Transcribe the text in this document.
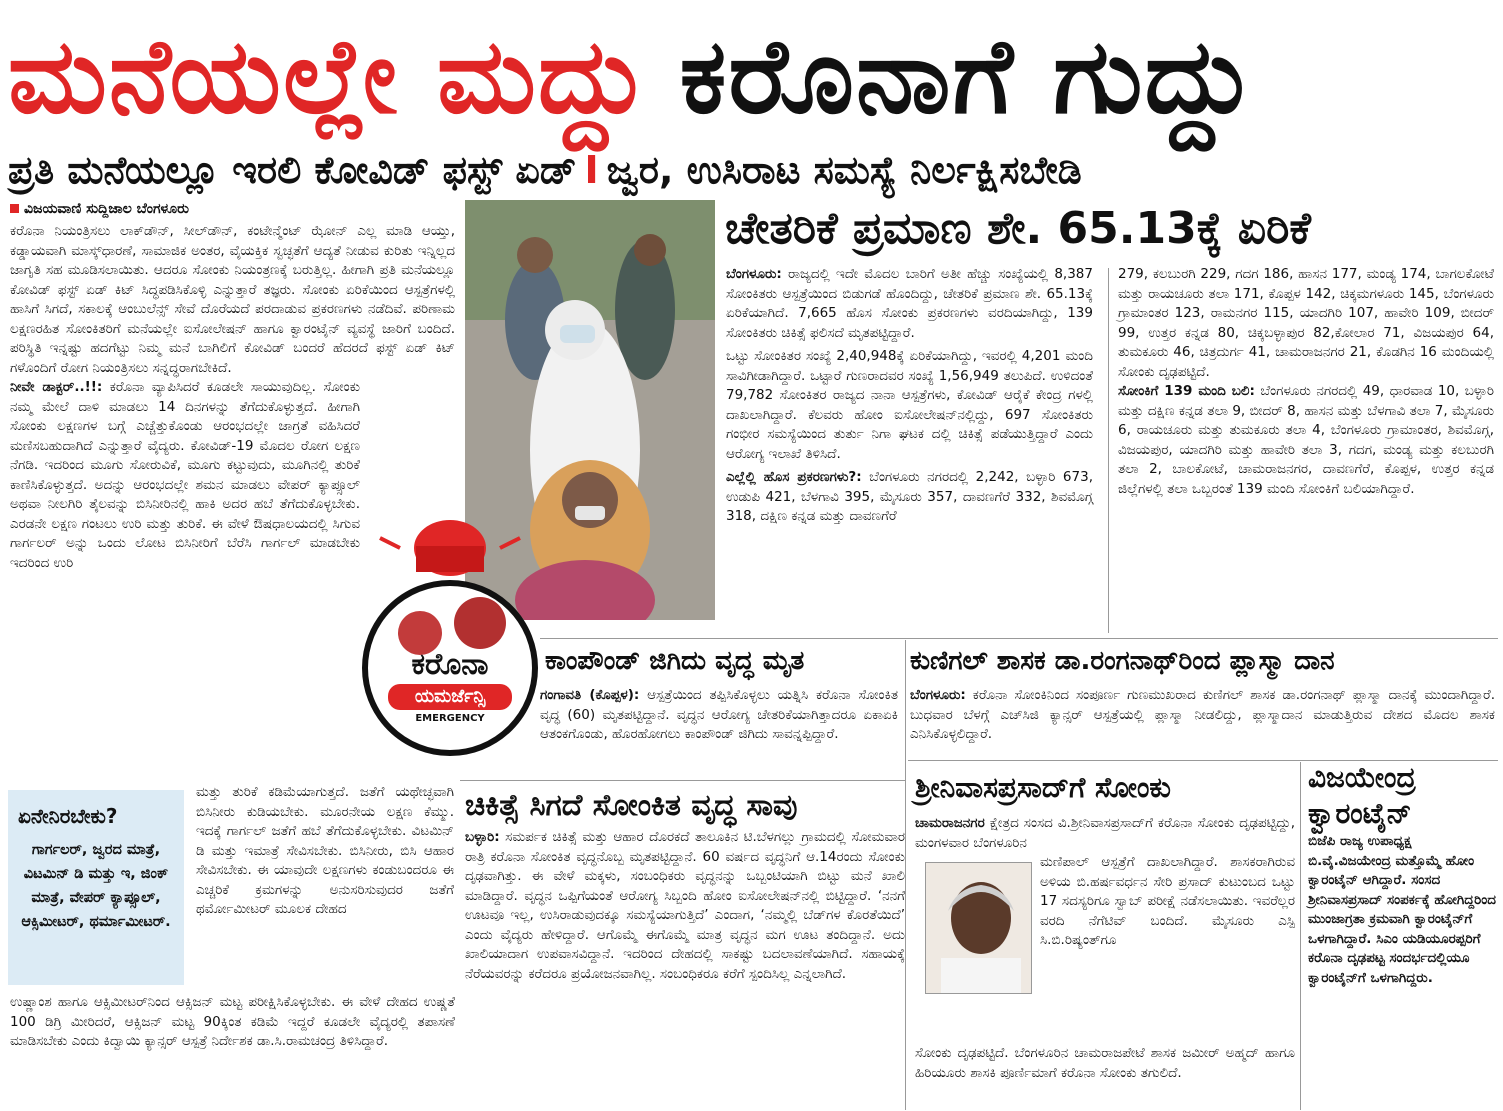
ಮನೆಯಲ್ಲೇ ಮದ್ದು ಕರೊನಾಗೆ ಗುದ್ದು
ಪ್ರತಿ ಮನೆಯಲ್ಲೂ ಇರಲಿ ಕೋವಿಡ್ ಫಸ್ಟ್ ಏಡ್ I ಜ್ವರ, ಉಸಿರಾಟ ಸಮಸ್ಯೆ ನಿರ್ಲಕ್ಷಿಸಬೇಡಿ
ವಿಜಯವಾಣಿ ಸುದ್ದಿಜಾಲ ಬೆಂಗಳೂರು

ಕರೊನಾ ನಿಯಂತ್ರಿಸಲು ಲಾಕ್‌ಡೌನ್, ಸೀಲ್‌ಡೌನ್, ಕಂಟೇನ್ಮೆಂಟ್ ಝೋನ್ ಎಲ್ಲ ಮಾಡಿ ಆಯ್ತು, ಕಡ್ಡಾಯವಾಗಿ ಮಾಸ್ಕ್‌ಧಾರಣೆ, ಸಾಮಾಜಿಕ ಅಂತರ, ವೈಯಕ್ತಿಕ ಸ್ವಚ್ಛತೆಗೆ ಆದ್ಯತೆ ನೀಡುವ ಕುರಿತು ಇನ್ನಿಲ್ಲದ ಜಾಗೃತಿ ಸಹ ಮೂಡಿಸಲಾಯಿತು. ಆದರೂ ಸೋಂಕು ನಿಯಂತ್ರಣಕ್ಕೆ ಬರುತ್ತಿಲ್ಲ. ಹೀಗಾಗಿ ಪ್ರತಿ ಮನೆಯಲ್ಲೂ ಕೋವಿಡ್ ಫಸ್ಟ್ ಏಡ್ ಕಿಟ್ ಸಿದ್ಧಪಡಿಸಿಕೊಳ್ಳಿ ಎನ್ನುತ್ತಾರೆ ತಜ್ಞರು. ಸೋಂಕು ಏರಿಕೆಯಿಂದ ಆಸ್ಪತ್ರೆಗಳಲ್ಲಿ ಹಾಸಿಗೆ ಸಿಗದೆ, ಸಕಾಲಕ್ಕೆ ಆಂಬುಲೆನ್ಸ್ ಸೇವೆ ದೊರೆಯದೆ ಪರದಾಡುವ ಪ್ರಕರಣಗಳು ನಡೆದಿವೆ. ಪರಿಣಾಮ ಲಕ್ಷಣರಹಿತ ಸೋಂಕಿತರಿಗೆ ಮನೆಯಲ್ಲೇ ಐಸೋಲೇಷನ್ ಹಾಗೂ ಕ್ವಾರಂಟೈನ್ ವ್ಯವಸ್ಥೆ ಜಾರಿಗೆ ಬಂದಿದೆ. ಪರಿಸ್ಥಿತಿ ಇನ್ನಷ್ಟು ಹದಗೆಟ್ಟು ನಿಮ್ಮ ಮನೆ ಬಾಗಿಲಿಗೆ ಕೋವಿಡ್ ಬಂದರೆ ಹೆದರದೆ ಫಸ್ಟ್ ಏಡ್ ಕಿಟ್ ಗಳೊಂದಿಗೆ ರೋಗ ನಿಯಂತ್ರಿಸಲು ಸನ್ನದ್ಧರಾಗಬೇಕಿದೆ.

ನೀವೇ ಡಾಕ್ಟರ್..!!: ಕರೊನಾ ವ್ಯಾಪಿಸಿದರೆ ಕೂಡಲೇ ಸಾಯುವುದಿಲ್ಲ. ಸೋಂಕು ನಮ್ಮ ಮೇಲೆ ದಾಳಿ ಮಾಡಲು 14 ದಿನಗಳನ್ನು ತೆಗೆದುಕೊಳ್ಳುತ್ತದೆ. ಹೀಗಾಗಿ ಸೋಂಕು ಲಕ್ಷಣಗಳ ಬಗ್ಗೆ ಎಚ್ಚೆತ್ತುಕೊಂಡು ಆರಂಭದಲ್ಲೇ ಜಾಗ್ರತೆ ವಹಿಸಿದರೆ ಮಣಿಸಬಹುದಾಗಿದೆ ಎನ್ನುತ್ತಾರೆ ವೈದ್ಯರು. ಕೋವಿಡ್-19 ಮೊದಲ ರೋಗ ಲಕ್ಷಣ ನೆಗಡಿ. ಇದರಿಂದ ಮೂಗು ಸೋರುವಿಕೆ, ಮೂಗು ಕಟ್ಟುವುದು, ಮೂಗಿನಲ್ಲಿ ತುರಿಕೆ ಕಾಣಿಸಿಕೊಳ್ಳುತ್ತದೆ. ಅದನ್ನು ಆರಂಭದಲ್ಲೇ ಶಮನ ಮಾಡಲು ವೇಪರ್ ಕ್ಯಾಪ್ಸೂಲ್ ಅಥವಾ ನೀಲಗಿರಿ ತೈಲವನ್ನು ಬಿಸಿನೀರಿನಲ್ಲಿ ಹಾಕಿ ಅದರ ಹಬೆ ತೆಗೆದುಕೊಳ್ಳಬೇಕು. ಎರಡನೇ ಲಕ್ಷಣ ಗಂಟಲು ಉರಿ ಮತ್ತು ತುರಿಕೆ. ಈ ವೇಳೆ ಔಷಧಾಲಯದಲ್ಲಿ ಸಿಗುವ ಗಾರ್ಗಲರ್ ಅನ್ನು ಒಂದು ಲೋಟ ಬಿಸಿನೀರಿಗೆ ಬೆರೆಸಿ ಗಾರ್ಗಲ್ ಮಾಡಬೇಕು ಇದರಿಂದ ಉರಿ

ಏನೇನಿರಬೇಕು?
ಗಾರ್ಗಲರ್, ಜ್ವರದ ಮಾತ್ರೆ, ವಿಟಮಿನ್ ಡಿ ಮತ್ತು ಇ, ಜಿಂಕ್ ಮಾತ್ರೆ, ವೇಪರ್ ಕ್ಯಾಪ್ಸೂಲ್, ಆಕ್ಸಿಮೀಟರ್, ಥರ್ಮಾಮೀಟರ್.

ಮತ್ತು ತುರಿಕೆ ಕಡಿಮೆಯಾಗುತ್ತದೆ. ಜತೆಗೆ ಯಥೇಚ್ಛವಾಗಿ ಬಿಸಿನೀರು ಕುಡಿಯಬೇಕು. ಮೂರನೇಯ ಲಕ್ಷಣ ಕೆಮ್ಮು. ಇದಕ್ಕೆ ಗಾರ್ಗಲ್ ಜತೆಗೆ ಹಬೆ ತೆಗೆದುಕೊಳ್ಳಬೇಕು. ವಿಟಮಿನ್ ಡಿ ಮತ್ತು ಇಮಾತ್ರೆ ಸೇವಿಸಬೇಕು. ಬಿಸಿನೀರು, ಬಿಸಿ ಆಹಾರ ಸೇವಿಸಬೇಕು. ಈ ಯಾವುದೇ ಲಕ್ಷಣಗಳು ಕಂಡುಬಂದರೂ ಈ ಎಚ್ಚರಿಕೆ ಕ್ರಮಗಳನ್ನು ಅನುಸರಿಸುವುದರ ಜತೆಗೆ ಥರ್ಮೋಮೀಟರ್ ಮೂಲಕ ದೇಹದ

ಉಷ್ಣಾಂಶ ಹಾಗೂ ಆಕ್ಸಿಮೀಟರ್‌ನಿಂದ ಆಕ್ಸಿಜನ್ ಮಟ್ಟ ಪರೀಕ್ಷಿಸಿಕೊಳ್ಳಬೇಕು. ಈ ವೇಳೆ ದೇಹದ ಉಷ್ಣತೆ 100 ಡಿಗ್ರಿ ಮೀರಿದರೆ, ಆಕ್ಸಿಜನ್ ಮಟ್ಟ 90ಕ್ಕಿಂತ ಕಡಿಮೆ ಇದ್ದರೆ ಕೂಡಲೇ ವೈದ್ಯರಲ್ಲಿ ತಪಾಸಣೆ ಮಾಡಿಸಬೇಕು ಎಂದು ಕಿದ್ವಾಯಿ ಕ್ಯಾನ್ಸರ್ ಆಸ್ಪತ್ರೆ ನಿರ್ದೇಶಕ ಡಾ.ಸಿ.ರಾಮಚಂದ್ರ ತಿಳಿಸಿದ್ದಾರೆ.

ಕರೊನಾ
ಯಮರ್ಜೆನ್ಸಿ
EMERGENCY
ಚೇತರಿಕೆ ಪ್ರಮಾಣ ಶೇ. 65.13ಕ್ಕೆ ಏರಿಕೆ

ಬೆಂಗಳೂರು: ರಾಜ್ಯದಲ್ಲಿ ಇದೇ ಮೊದಲ ಬಾರಿಗೆ ಅತೀ ಹೆಚ್ಚು ಸಂಖ್ಯೆಯಲ್ಲಿ 8,387 ಸೋಂಕಿತರು ಆಸ್ಪತ್ರೆಯಿಂದ ಬಿಡುಗಡೆ ಹೊಂದಿದ್ದು, ಚೇತರಿಕೆ ಪ್ರಮಾಣ ಶೇ. 65.13ಕ್ಕೆ ಏರಿಕೆಯಾಗಿದೆ. 7,665 ಹೊಸ ಸೋಂಕು ಪ್ರಕರಣಗಳು ವರದಿಯಾಗಿದ್ದು, 139 ಸೋಂಕಿತರು ಚಿಕಿತ್ಸೆ ಫಲಿಸದೆ ಮೃತಪಟ್ಟಿದ್ದಾರೆ.

ಒಟ್ಟು ಸೋಂಕಿತರ ಸಂಖ್ಯೆ 2,40,948ಕ್ಕೆ ಏರಿಕೆಯಾಗಿದ್ದು, ಇವರಲ್ಲಿ 4,201 ಮಂದಿ ಸಾವಿಗೀಡಾಗಿದ್ದಾರೆ. ಒಟ್ಟಾರೆ ಗುಣರಾದವರ ಸಂಖ್ಯೆ 1,56,949 ತಲುಪಿದೆ. ಉಳಿದಂತೆ 79,782 ಸೋಂಕಿತರ ರಾಜ್ಯದ ನಾನಾ ಆಸ್ಪತ್ರೆಗಳು, ಕೋವಿಡ್ ಆರೈಕೆ ಕೇಂದ್ರ ಗಳಲ್ಲಿ ದಾಖಲಾಗಿದ್ದಾರೆ. ಕೆಲವರು ಹೋಂ ಐಸೋಲೇಷನ್‌ನಲ್ಲಿದ್ದು, 697 ಸೋಂಕಿತರು ಗಂಭೀರ ಸಮಸ್ಯೆಯಿಂದ ತುರ್ತು ನಿಗಾ ಘಟಕ ದಲ್ಲಿ ಚಿಕಿತ್ಸೆ ಪಡೆಯುತ್ತಿದ್ದಾರೆ ಎಂದು ಆರೋಗ್ಯ ಇಲಾಖೆ ತಿಳಿಸಿದೆ.

ಎಲ್ಲೆಲ್ಲಿ ಹೊಸ ಪ್ರಕರಣಗಳು?: ಬೆಂಗಳೂರು ನಗರದಲ್ಲಿ 2,242, ಬಳ್ಳಾರಿ 673, ಉಡುಪಿ 421, ಬೆಳಗಾವಿ 395, ಮೈಸೂರು 357, ದಾವಣಗೆರೆ 332, ಶಿವಮೊಗ್ಗ 318, ದಕ್ಷಿಣ ಕನ್ನಡ ಮತ್ತು ದಾವಣಗೆರೆ

279, ಕಲಬುರಗಿ 229, ಗದಗ 186, ಹಾಸನ 177, ಮಂಡ್ಯ 174, ಬಾಗಲಕೋಟೆ ಮತ್ತು ರಾಯಚೂರು ತಲಾ 171, ಕೊಪ್ಪಳ 142, ಚಿಕ್ಕಮಗಳೂರು 145, ಬೆಂಗಳೂರು ಗ್ರಾಮಾಂತರ 123, ರಾಮನಗರ 115, ಯಾದಗಿರಿ 107, ಹಾವೇರಿ 109, ಬೀದರ್ 99, ಉತ್ತರ ಕನ್ನಡ 80, ಚಿಕ್ಕಬಳ್ಳಾಪುರ 82,ಕೋಲಾರ 71, ವಿಜಯಪುರ 64, ತುಮಕೂರು 46, ಚಿತ್ರದುರ್ಗ 41, ಚಾಮರಾಜನಗರ 21, ಕೊಡಗಿನ 16 ಮಂದಿಯಲ್ಲಿ ಸೋಂಕು ದೃಢಪಟ್ಟಿದೆ.

ಸೋಂಕಿಗೆ 139 ಮಂದಿ ಬಲಿ: ಬೆಂಗಳೂರು ನಗರದಲ್ಲಿ 49, ಧಾರವಾಡ 10, ಬಳ್ಳಾರಿ ಮತ್ತು ದಕ್ಷಿಣ ಕನ್ನಡ ತಲಾ 9, ಬೀದರ್ 8, ಹಾಸನ ಮತ್ತು ಬೆಳಗಾವಿ ತಲಾ 7, ಮೈಸೂರು 6, ರಾಯಚೂರು ಮತ್ತು ತುಮಕೂರು ತಲಾ 4, ಬೆಂಗಳೂರು ಗ್ರಾಮಾಂತರ, ಶಿವಮೊಗ್ಗ, ವಿಜಯಪುರ, ಯಾದಗಿರಿ ಮತ್ತು ಹಾವೇರಿ ತಲಾ 3, ಗದಗ, ಮಂಡ್ಯ ಮತ್ತು ಕಲಬುರಗಿ ತಲಾ 2, ಬಾಲಕೋಟೆ, ಚಾಮರಾಜನಗರ, ದಾವಣಗೆರೆ, ಕೊಪ್ಪಳ, ಉತ್ತರ ಕನ್ನಡ ಜಿಲ್ಲೆಗಳಲ್ಲಿ ತಲಾ ಒಬ್ಬರಂತೆ 139 ಮಂದಿ ಸೋಂಕಿಗೆ ಬಲಿಯಾಗಿದ್ದಾರೆ.

ಕಾಂಪೌಂಡ್ ಜಿಗಿದು ವೃದ್ಧ ಮೃತ

ಗಂಗಾವತಿ (ಕೊಪ್ಪಳ): ಆಸ್ಪತ್ರೆಯಿಂದ ತಪ್ಪಿಸಿಕೊಳ್ಳಲು ಯತ್ನಿಸಿ ಕರೊನಾ ಸೋಂಕಿತ ವೃದ್ಧ (60) ಮೃತಪಟ್ಟಿದ್ದಾನೆ. ವೃದ್ಧನ ಆರೋಗ್ಯ ಚೇತರಿಕೆಯಾಗಿತ್ತಾದರೂ ಏಕಾಏಕಿ ಆತಂಕಗೊಂಡು, ಹೊರಹೋಗಲು ಕಾಂಪೌಂಡ್ ಜಿಗಿದು ಸಾವನ್ನಪ್ಪಿದ್ದಾರೆ.

ಕುಣಿಗಲ್ ಶಾಸಕ ಡಾ.ರಂಗನಾಥ್‌ರಿಂದ ಪ್ಲಾಸ್ಮಾ ದಾನ

ಬೆಂಗಳೂರು: ಕರೊನಾ ಸೋಂಕಿನಿಂದ ಸಂಪೂರ್ಣ ಗುಣಮುಖರಾದ ಕುಣಿಗಲ್ ಶಾಸಕ ಡಾ.ರಂಗನಾಥ್ ಪ್ಲಾಸ್ಮಾ ದಾನಕ್ಕೆ ಮುಂದಾಗಿದ್ದಾರೆ. ಬುಧವಾರ ಬೆಳಗ್ಗೆ ಎಚ್‌ಸಿಜಿ ಕ್ಯಾನ್ಸರ್ ಆಸ್ಪತ್ರೆಯಲ್ಲಿ ಪ್ಲಾಸ್ಮಾ ನೀಡಲಿದ್ದು, ಪ್ಲಾಸ್ಮಾದಾನ ಮಾಡುತ್ತಿರುವ ದೇಶದ ಮೊದಲ ಶಾಸಕ ಎನಿಸಿಕೊಳ್ಳಲಿದ್ದಾರೆ.

ಚಿಕಿತ್ಸೆ ಸಿಗದೆ ಸೋಂಕಿತ ವೃದ್ಧ ಸಾವು

ಬಳ್ಳಾರಿ: ಸಮರ್ಪಕ ಚಿಕಿತ್ಸೆ ಮತ್ತು ಆಹಾರ ದೊರಕದೆ ತಾಲೂಕಿನ ಟಿ.ಬೆಳಗಲ್ಲು ಗ್ರಾಮದಲ್ಲಿ ಸೋಮವಾರ ರಾತ್ರಿ ಕರೊನಾ ಸೋಂಕಿತ ವೃದ್ಧನೊಬ್ಬ ಮೃತಪಟ್ಟಿದ್ದಾನೆ. 60 ವರ್ಷದ ವೃದ್ಧನಿಗೆ ಆ.14ರಂದು ಸೋಂಕು ದೃಢವಾಗಿತ್ತು. ಈ ವೇಳೆ ಮಕ್ಕಳು, ಸಂಬಂಧಿಕರು ವೃದ್ಧನನ್ನು ಒಬ್ಬಂಟಿಯಾಗಿ ಬಿಟ್ಟು ಮನೆ ಖಾಲಿ ಮಾಡಿದ್ದಾರೆ. ವೃದ್ಧನ ಒಪ್ಪಿಗೆಯಂತೆ ಆರೋಗ್ಯ ಸಿಬ್ಬಂದಿ ಹೋಂ ಐಸೋಲೇಷನ್‌ನಲ್ಲಿ ಬಿಟ್ಟಿದ್ದಾರೆ. ‘ನನಗೆ ಊಟವೂ ಇಲ್ಲ, ಉಸಿರಾಡುವುದಕ್ಕೂ ಸಮಸ್ಯೆಯಾಗುತ್ತಿದೆ’ ಎಂದಾಗ, ‘ನಮ್ಮಲ್ಲಿ ಬೆಡ್‌ಗಳ ಕೊರತೆಯಿದೆ’ ಎಂದು ವೈದ್ಯರು ಹೇಳಿದ್ದಾರೆ. ಆಗೊಮ್ಮೆ ಈಗೊಮ್ಮೆ ಮಾತ್ರ ವೃದ್ಧನ ಮಗ ಊಟ ತಂದಿದ್ದಾನೆ. ಅದು ಖಾಲಿಯಾದಾಗ ಉಪವಾಸವಿದ್ದಾನೆ. ಇದರಿಂದ ದೇಹದಲ್ಲಿ ಸಾಕಷ್ಟು ಬದಲಾವಣೆಯಾಗಿದೆ. ಸಹಾಯಕ್ಕೆ ನೆರೆಯವರನ್ನು ಕರೆದರೂ ಪ್ರಯೋಜನವಾಗಿಲ್ಲ. ಸಂಬಂಧಿಕರೂ ಕರೆಗೆ ಸ್ಪಂದಿಸಿಲ್ಲ ಎನ್ನಲಾಗಿದೆ.

ಶ್ರೀನಿವಾಸಪ್ರಸಾದ್‌ಗೆ ಸೋಂಕು

ಚಾಮರಾಜನಗರ ಕ್ಷೇತ್ರದ ಸಂಸದ ವಿ.ಶ್ರೀನಿವಾಸಪ್ರಸಾದ್‌ಗೆ ಕರೊನಾ ಸೋಂಕು ದೃಢಪಟ್ಟಿದ್ದು, ಮಂಗಳವಾರ ಬೆಂಗಳೂರಿನ

ಮಣಿಪಾಲ್ ಆಸ್ಪತ್ರೆಗೆ ದಾಖಲಾಗಿದ್ದಾರೆ. ಶಾಸಕರಾಗಿರುವ ಅಳಿಯ ಬಿ.ಹರ್ಷವರ್ಧನ ಸೇರಿ ಪ್ರಸಾದ್ ಕುಟುಂಬದ ಒಟ್ಟು 17 ಸದಸ್ಯರಿಗೂ ಸ್ವಾಬ್ ಪರೀಕ್ಷೆ ನಡೆಸಲಾಯಿತು. ಇವರೆಲ್ಲರ ವರದಿ ನೆಗೆಟಿವ್ ಬಂದಿದೆ. ಮೈಸೂರು ಎಸ್ಪಿ ಸಿ.ಬಿ.ರಿಷ್ಯಂತ್‌ಗೂ

ಸೋಂಕು ದೃಢಪಟ್ಟಿದೆ. ಬೆಂಗಳೂರಿನ ಚಾಮರಾಜಪೇಟೆ ಶಾಸಕ ಜಮೀರ್ ಅಹ್ಮದ್ ಹಾಗೂ ಹಿರಿಯೂರು ಶಾಸಕಿ ಪೂರ್ಣಿಮಾಗೆ ಕರೊನಾ ಸೋಂಕು ತಗುಲಿದೆ.

ವಿಜಯೇಂದ್ರ ಕ್ವಾರಂಟೈನ್

ಬಿಜೆಪಿ ರಾಜ್ಯ ಉಪಾಧ್ಯಕ್ಷ ಬಿ.ವೈ.ವಿಜಯೇಂದ್ರ ಮತ್ತೊಮ್ಮೆ ಹೋಂ ಕ್ವಾರಂಟೈನ್ ಆಗಿದ್ದಾರೆ. ಸಂಸದ ಶ್ರೀನಿವಾಸಪ್ರಸಾದ್ ಸಂಪರ್ಕಕ್ಕೆ ಹೋಗಿದ್ದರಿಂದ ಮುಂಜಾಗ್ರತಾ ಕ್ರಮವಾಗಿ ಕ್ವಾರಂಟೈನ್‌ಗೆ ಒಳಗಾಗಿದ್ದಾರೆ. ಸಿಎಂ ಯಡಿಯೂರಪ್ಪರಿಗೆ ಕರೊನಾ ದೃಢಪಟ್ಟ ಸಂದರ್ಭದಲ್ಲಿಯೂ ಕ್ವಾರಂಟೈನ್‌ಗೆ ಒಳಗಾಗಿದ್ದರು.
